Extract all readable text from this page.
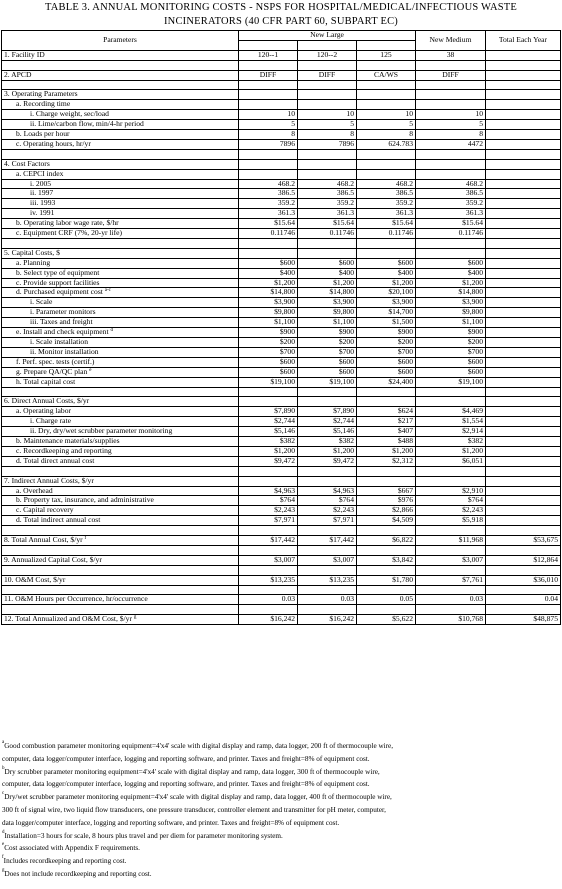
TABLE 3. ANNUAL MONITORING COSTS - NSPS FOR HOSPITAL/MEDICAL/INFECTIOUS WASTE
INCINERATORS (40 CFR PART 60, SUBPART EC)
Parameters	New Large			New Medium	Total Each Year

1. Facility ID	120--1	120--2	125	38	

2. APCD	DIFF	DIFF	CA/WS	DIFF	

3. Operating Parameters					
a. Recording time					
i. Charge weight, sec/load	10	10	10	10	
ii. Lime/carbon flow, min/4-hr period	5	5	5	5	
b. Loads per hour	8	8	8	8	
c. Operating hours, hr/yr	7896	7896	624.783	4472	

4. Cost Factors					
a. CEPCI index					
i. 2005	468.2	468.2	468.2	468.2	
ii. 1997	386.5	386.5	386.5	386.5	
iii. 1993	359.2	359.2	359.2	359.2	
iv. 1991	361.3	361.3	361.3	361.3	
b. Operating labor wage rate, $/hr	$15.64	$15.64	$15.64	$15.64	
c. Equipment CRF (7%, 20-yr life)	0.11746	0.11746	0.11746	0.11746	

5. Capital Costs, $					
a. Planning	$600	$600	$600	$600	
b. Select type of equipment	$400	$400	$400	$400	
c. Provide support facilities	$1,200	$1,200	$1,200	$1,200	
d. Purchased equipment cost $^{a-c}$	$14,800	$14,800	$20,100	$14,800	
i. Scale	$3,900	$3,900	$3,900	$3,900	
i. Parameter monitors	$9,800	$9,800	$14,700	$9,800	
iii. Taxes and freight	$1,100	$1,100	$1,500	$1,100	
e. Install and check equipment $^d$	$900	$900	$900	$900	
i. Scale installation	$200	$200	$200	$200	
ii. Monitor installation	$700	$700	$700	$700	
f. Perf. spec. tests (certif.)	$600	$600	$600	$600	
g. Prepare QA/QC plan $^e$	$600	$600	$600	$600	
h. Total capital cost	$19,100	$19,100	$24,400	$19,100	

6. Direct Annual Costs, $/yr					
a. Operating labor	$7,890	$7,890	$624	$4,469	
i. Charge rate	$2,744	$2,744	$217	$1,554	
ii. Dry, dry/wet scrubber parameter monitoring	$5,146	$5,146	$407	$2,914	
b. Maintenance materials/supplies	$382	$382	$488	$382	
c. Recordkeeping and reporting	$1,200	$1,200	$1,200	$1,200	
d. Total direct annual cost	$9,472	$9,472	$2,312	$6,051	

7. Indirect Annual Costs, $/yr					
a. Overhead	$4,963	$4,963	$667	$2,910	
b. Property tax, insurance, and administrative	$764	$764	$976	$764	
c. Capital recovery	$2,243	$2,243	$2,866	$2,243	
d. Total indirect annual cost	$7,971	$7,971	$4,509	$5,918	

8. Total Annual Cost, $/yr $^f$	$17,442	$17,442	$6,822	$11,968	$53,675

9. Annualized Capital Cost, $/yr	$3,007	$3,007	$3,842	$3,007	$12,864

10. O&M Cost, $/yr	$13,235	$13,235	$1,780	$7,761	$36,010

11. O&M Hours per Occurrence, hr/occurrence	0.03	0.03	0.05	0.03	0.04

12. Total Annualized and O&M Cost, $/yr $^g$	$16,242	$16,242	$5,622	$10,768	$48,875
$^a$Good combustion parameter monitoring equipment=4'x4' scale with digital display and ramp, data logger, 200 ft of thermocouple wire,
computer, data logger/computer interface, logging and reporting software, and printer. Taxes and freight=8% of equipment cost.
$^b$Dry scrubber parameter monitoring equipment=4'x4' scale with digital display and ramp, data logger, 300 ft of thermocouple wire,
computer, data logger/computer interface, logging and reporting software, and printer. Taxes and freight=8% of equipment cost.
$^c$Dry/wet scrubber parameter monitoring equipment=4'x4' scale with digital display and ramp, data logger, 400 ft of thermocouple wire,
300 ft of signal wire, two liquid flow transducers, one pressure transducer, controller element and transmitter for pH meter, computer,
data logger/computer interface, logging and reporting software, and printer. Taxes and freight=8% of equipment cost.
$^d$Installation=3 hours for scale, 8 hours plus travel and per diem for parameter monitoring system.
$^e$Cost associated with Appendix F requirements.
$^f$Includes recordkeeping and reporting cost.
$^g$Does not include recordkeeping and reporting cost.
